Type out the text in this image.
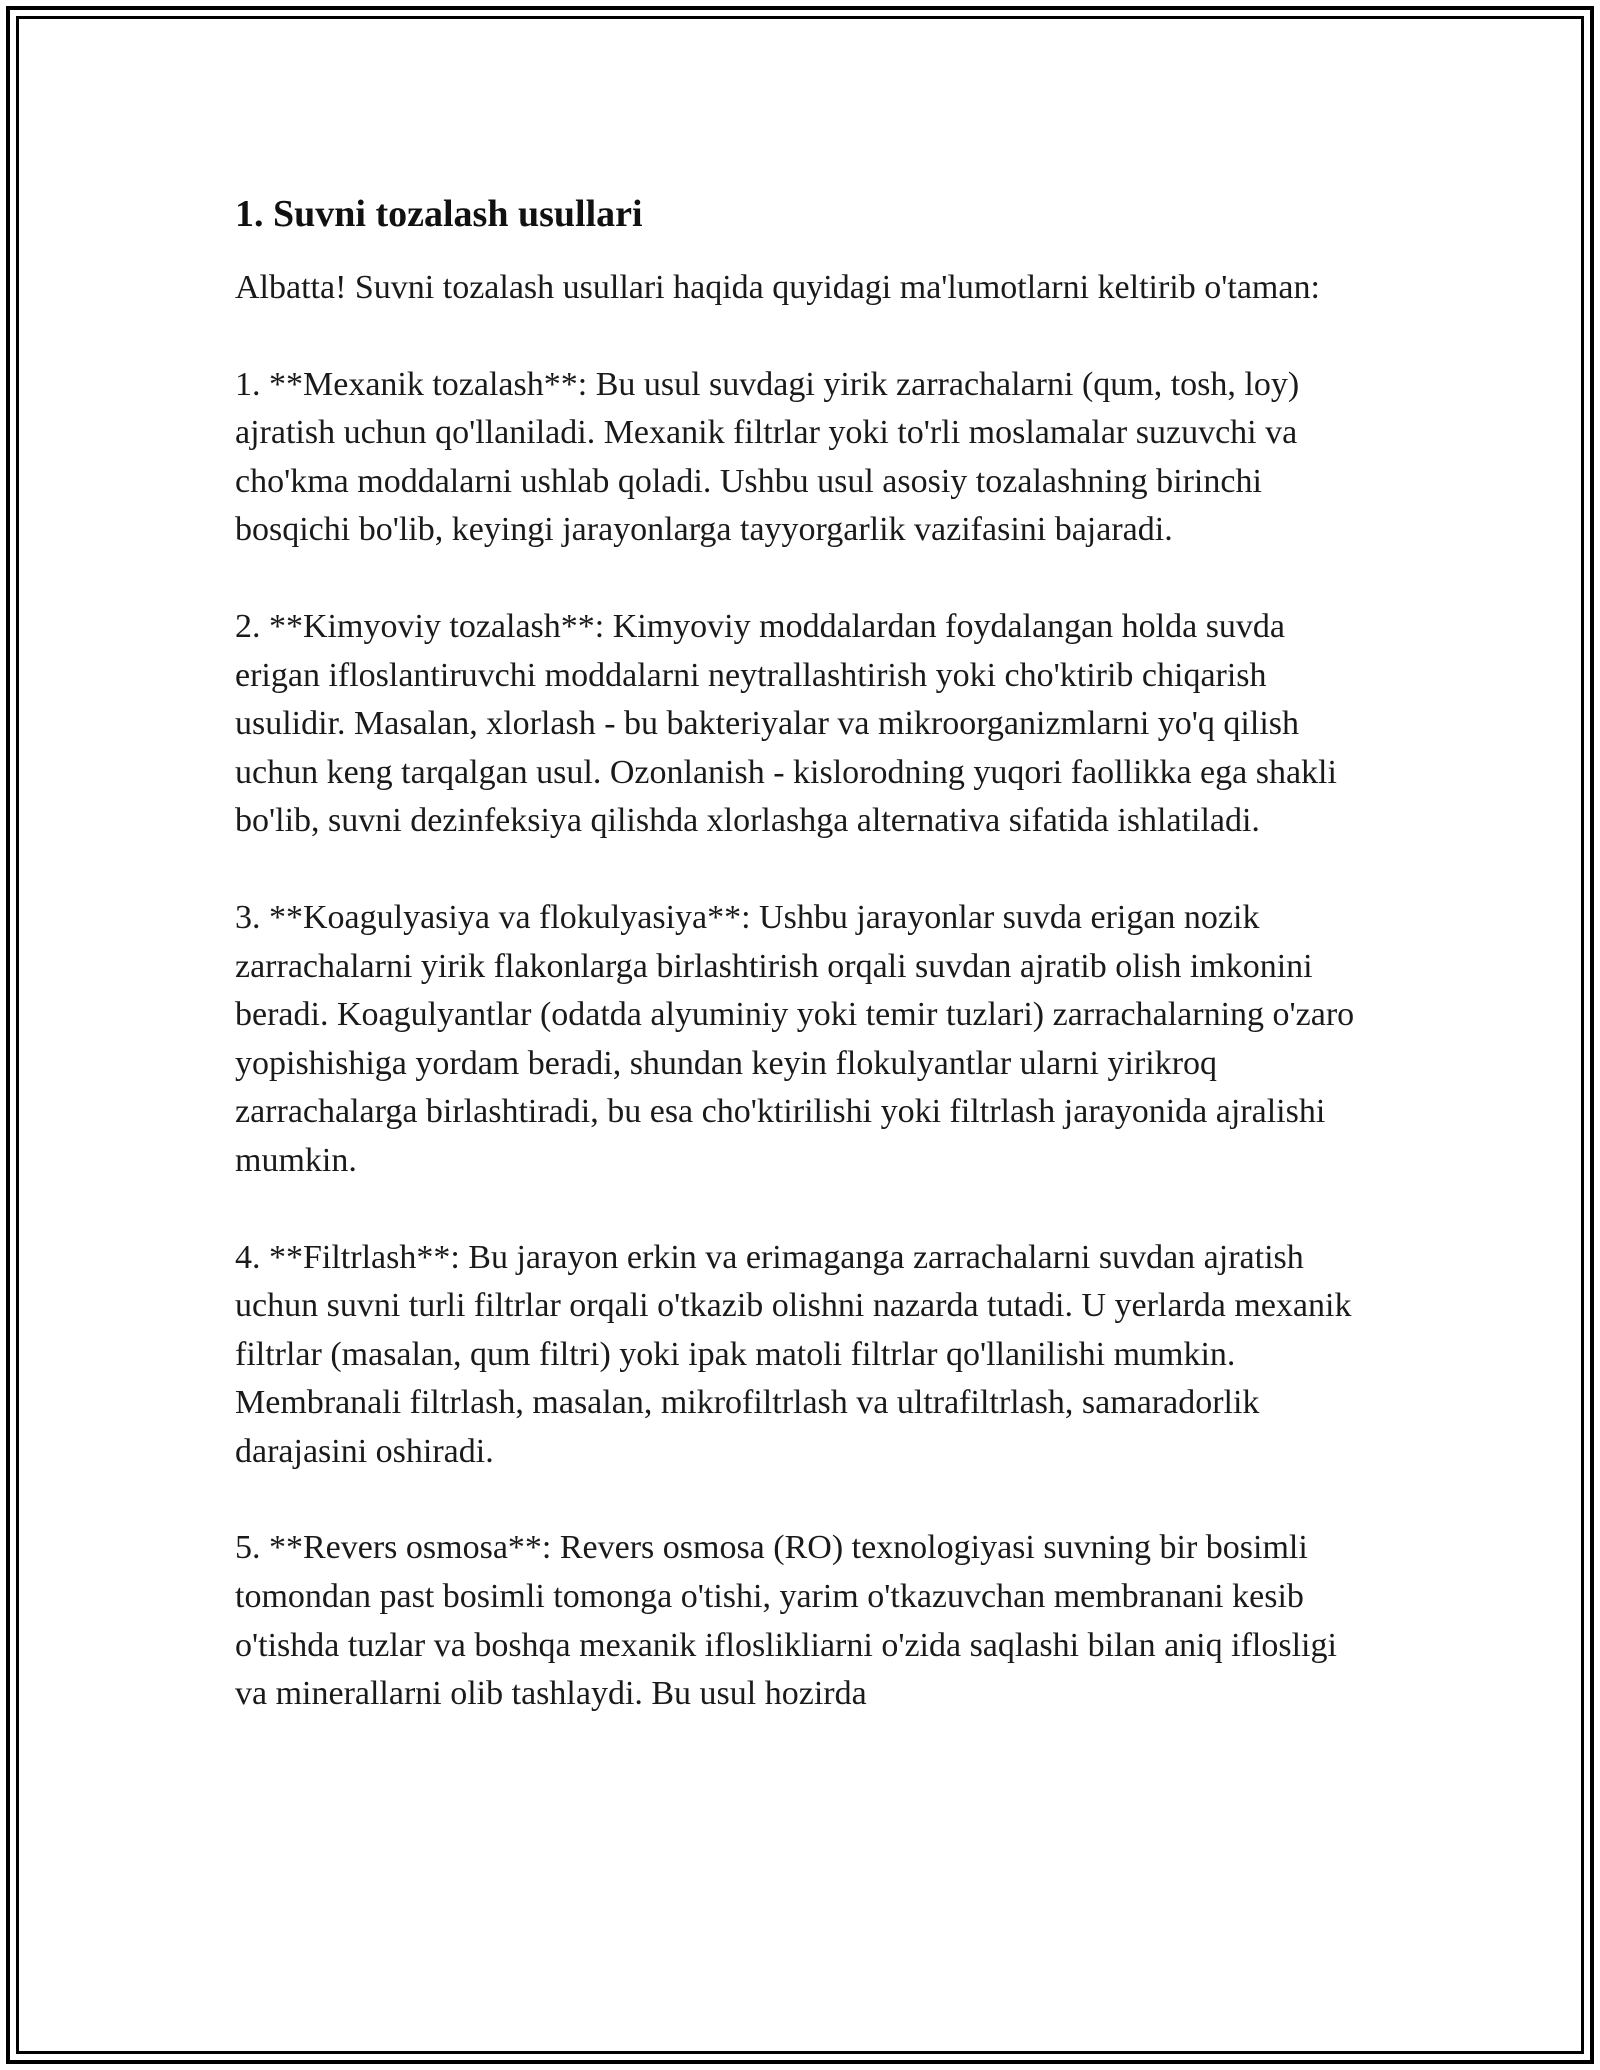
1. Suvni tozalash usullari

Albatta! Suvni tozalash usullari haqida quyidagi ma'lumotlarni keltirib o'taman:

1. **Mexanik tozalash**: Bu usul suvdagi yirik zarrachalarni (qum, tosh, loy) ajratish uchun qo'llaniladi. Mexanik filtrlar yoki to'rli moslamalar suzuvchi va cho'kma moddalarni ushlab qoladi. Ushbu usul asosiy tozalashning birinchi bosqichi bo'lib, keyingi jarayonlarga tayyorgarlik vazifasini bajaradi.

2. **Kimyoviy tozalash**: Kimyoviy moddalardan foydalangan holda suvda erigan ifloslantiruvchi moddalarni neytrallashtirish yoki cho'ktirib chiqarish usulidir. Masalan, xlorlash - bu bakteriyalar va mikroorganizmlarni yo'q qilish uchun keng tarqalgan usul. Ozonlanish - kislorodning yuqori faollikka ega shakli bo'lib, suvni dezinfeksiya qilishda xlorlashga alternativa sifatida ishlatiladi.

3. **Koagulyasiya va flokulyasiya**: Ushbu jarayonlar suvda erigan nozik zarrachalarni yirik flakonlarga birlashtirish orqali suvdan ajratib olish imkonini beradi. Koagulyantlar (odatda alyuminiy yoki temir tuzlari) zarrachalarning o'zaro yopishishiga yordam beradi, shundan keyin flokulyantlar ularni yirikroq zarrachalarga birlashtiradi, bu esa cho'ktirilishi yoki filtrlash jarayonida ajralishi mumkin.

4. **Filtrlash**: Bu jarayon erkin va erimaganga zarrachalarni suvdan ajratish uchun suvni turli filtrlar orqali o'tkazib olishni nazarda tutadi. U yerlarda mexanik filtrlar (masalan, qum filtri) yoki ipak matoli filtrlar qo'llanilishi mumkin. Membranali filtrlash, masalan, mikrofiltrlash va ultrafiltrlash, samaradorlik darajasini oshiradi.

5. **Revers osmosa**: Revers osmosa (RO) texnologiyasi suvning bir bosimli tomondan past bosimli tomonga o'tishi, yarim o'tkazuvchan membranani kesib o'tishda tuzlar va boshqa mexanik ifloslikliarni o'zida saqlashi bilan aniq iflosligi va minerallarni olib tashlaydi. Bu usul hozirda
